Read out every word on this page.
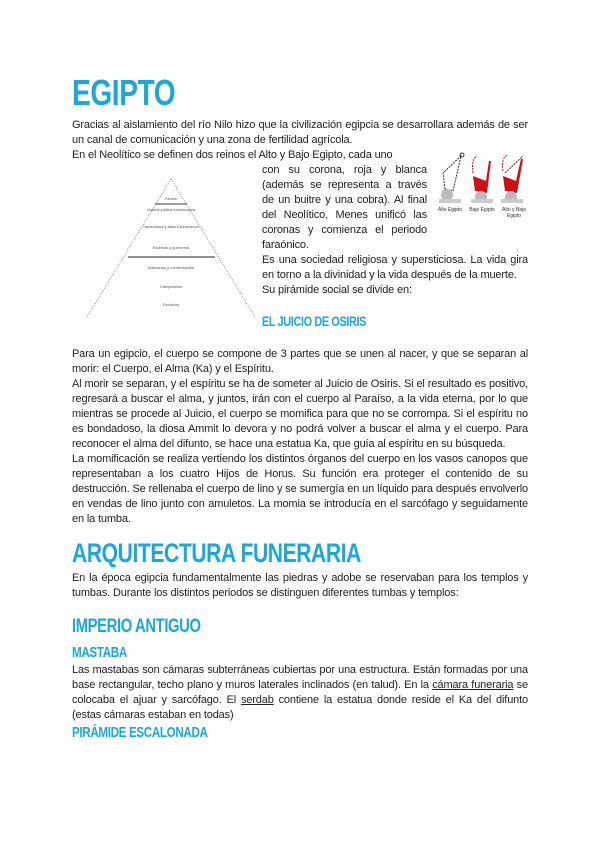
EGIPTO

Gracias al aislamiento del río Nilo hizo que la civilización egipcia se desarrollara además de ser un canal de comunicación y una zona de fertilidad agrícola.

En el Neolítico se definen dos reinos el Alto y Bajo Egipto, cada uno

Faraón
Nobles y Altos funcionarios
Sacerdotes y altos funcionarios
Escribas y guerreros
Artesanos y comerciantes
Campesinos
Esclavos
Alto Egipto	Bajo Egipto	Alto y Bajo Egipto

con su corona, roja y blanca (además se representa a través de un buitre y una cobra). Al final del Neolítico, Menes unificó las coronas y comienza el periodo faraónico.

Es una sociedad religiosa y supersticiosa. La vida gira en torno a la divinidad y la vida después de la muerte.

Su pirámide social se divide en:

EL JUICIO DE OSIRIS

Para un egipcio, el cuerpo se compone de 3 partes que se unen al nacer, y que se separan al morir: el Cuerpo, el Alma (Ka) y el Espíritu.

Al morir se separan, y el espíritu se ha de someter al Juicio de Osiris. Si el resultado es positivo, regresará a buscar el alma, y juntos, irán con el cuerpo al Paraíso, a la vida eterna, por lo que mientras se procede al Juicio, el cuerpo se momifica para que no se corrompa. Si el espíritu no es bondadoso, la diosa Ammit lo devora y no podrá volver a buscar el alma y el cuerpo. Para reconocer el alma del difunto, se hace una estatua Ka, que guía al espíritu en su búsqueda.

La momificación se realiza vertiendo los distintos órganos del cuerpo en los vasos canopos que representaban a los cuatro Hijos de Horus. Su función era proteger el contenido de su destrucción. Se rellenaba el cuerpo de lino y se sumergía en un líquido para después envolverlo en vendas de lino junto con amuletos. La momia se introducía en el sarcófago y seguidamente en la tumba.

ARQUITECTURA FUNERARIA

En la época egipcia fundamentalmente las piedras y adobe se reservaban para los templos y tumbas. Durante los distintos periodos se distinguen diferentes tumbas y templos:

IMPERIO ANTIGUO
MASTABA

Las mastabas son cámaras subterráneas cubiertas por una estructura. Están formadas por una base rectangular, techo plano y muros laterales inclinados (en talud). En la cámara funeraria se colocaba el ajuar y sarcófago. El serdab contiene la estatua donde reside el Ka del difunto (estas cámaras estaban en todas)

PIRÁMIDE ESCALONADA
